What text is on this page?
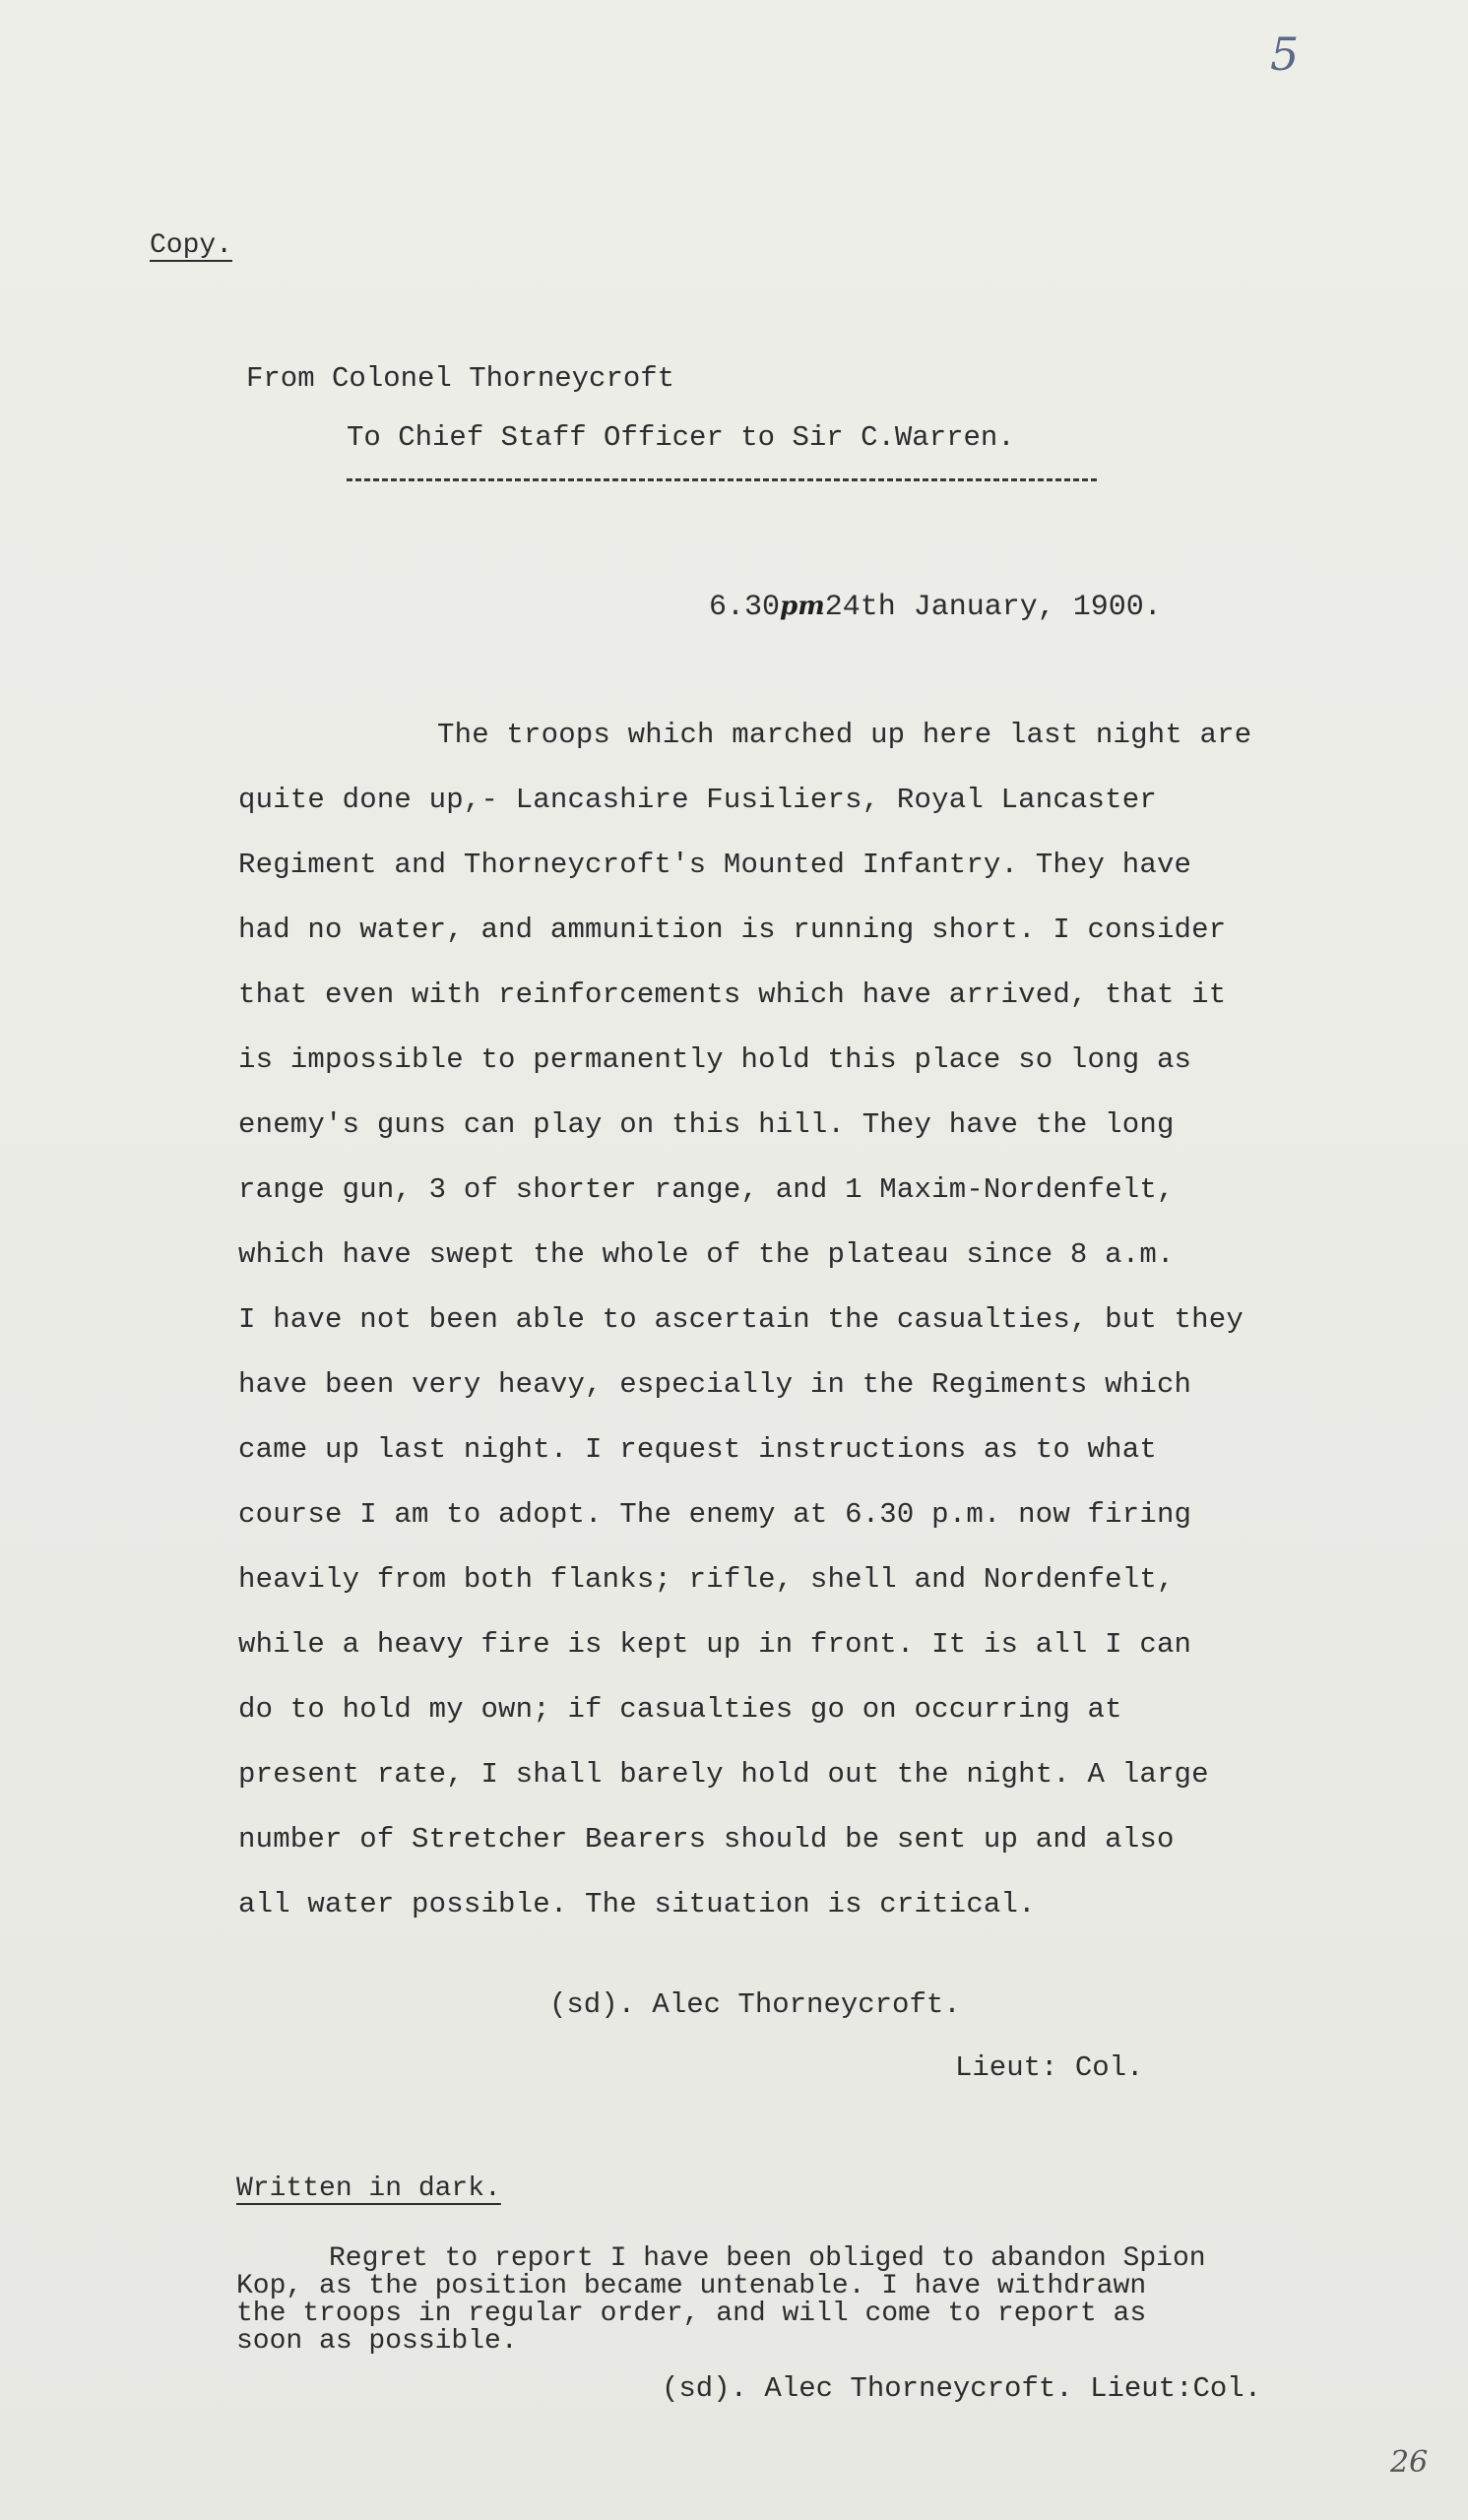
5
Copy.
From Colonel Thorneycroft
To Chief Staff Officer to Sir C.Warren.
6.30pm24th January, 1900.
The troops which marched up here last night are
quite done up,- Lancashire Fusiliers, Royal Lancaster
Regiment and Thorneycroft's Mounted Infantry. They have
had no water, and ammunition is running short. I consider
that even with reinforcements which have arrived, that it
is impossible to permanently hold this place so long as
enemy's guns can play on this hill. They have the long
range gun, 3 of shorter range, and 1 Maxim-Nordenfelt,
which have swept the whole of the plateau since 8 a.m.
I have not been able to ascertain the casualties, but they
have been very heavy, especially in the Regiments which
came up last night. I request instructions as to what
course I am to adopt. The enemy at 6.30 p.m. now firing
heavily from both flanks; rifle, shell and Nordenfelt,
while a heavy fire is kept up in front. It is all I can
do to hold my own; if casualties go on occurring at
present rate, I shall barely hold out the night. A large
number of Stretcher Bearers should be sent up and also
all water possible. The situation is critical.
(sd). Alec Thorneycroft.
Lieut: Col.
Written in dark.
Regret to report I have been obliged to abandon Spion
Kop, as the position became untenable. I have withdrawn
the troops in regular order, and will come to report as
soon as possible.
(sd). Alec Thorneycroft. Lieut:Col.
26
